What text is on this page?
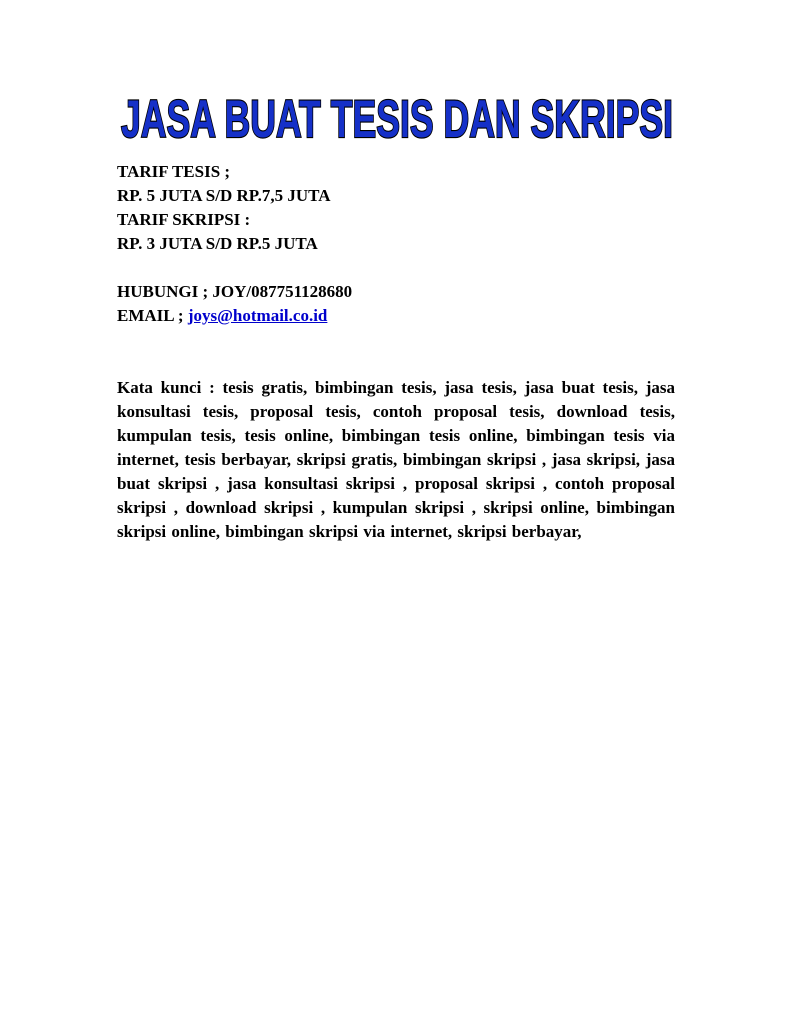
JASA BUAT TESIS DAN SKRIPSI
TARIF TESIS ;
RP. 5 JUTA S/D RP.7,5 JUTA
TARIF SKRIPSI :
RP. 3 JUTA S/D RP.5 JUTA
HUBUNGI ; JOY/087751128680
EMAIL ; joys@hotmail.co.id
Kata kunci : tesis gratis, bimbingan tesis, jasa tesis, jasa buat tesis, jasa konsultasi tesis, proposal tesis, contoh proposal tesis, download tesis, kumpulan tesis, tesis online, bimbingan tesis online, bimbingan tesis via internet, tesis berbayar, skripsi gratis, bimbingan skripsi , jasa skripsi, jasa buat skripsi , jasa konsultasi skripsi , proposal skripsi , contoh proposal skripsi , download skripsi , kumpulan skripsi , skripsi online, bimbingan skripsi online, bimbingan skripsi via internet, skripsi berbayar,
